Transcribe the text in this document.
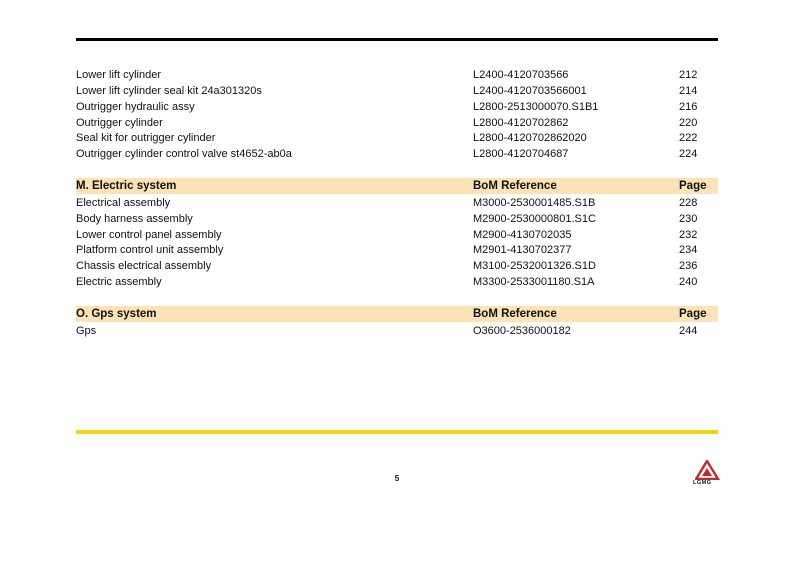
Lower lift cylinder	L2400-4120703566	212
Lower lift cylinder seal kit 24a301320s	L2400-4120703566001	214
Outrigger hydraulic assy	L2800-2513000070.S1B1	216
Outrigger cylinder	L2800-4120702862	220
Seal kit for outrigger cylinder	L2800-4120702862020	222
Outrigger cylinder control valve st4652-ab0a	L2800-4120704687	224
M. Electric system	BoM Reference	Page
Electrical assembly	M3000-2530001485.S1B	228
Body harness assembly	M2900-2530000801.S1C	230
Lower control panel assembly	M2900-4130702035	232
Platform control unit assembly	M2901-4130702377	234
Chassis electrical assembly	M3100-2532001326.S1D	236
Electric assembly	M3300-2533001180.S1A	240
O. Gps system	BoM Reference	Page
Gps	O3600-2536000182	244
5	LGMG
